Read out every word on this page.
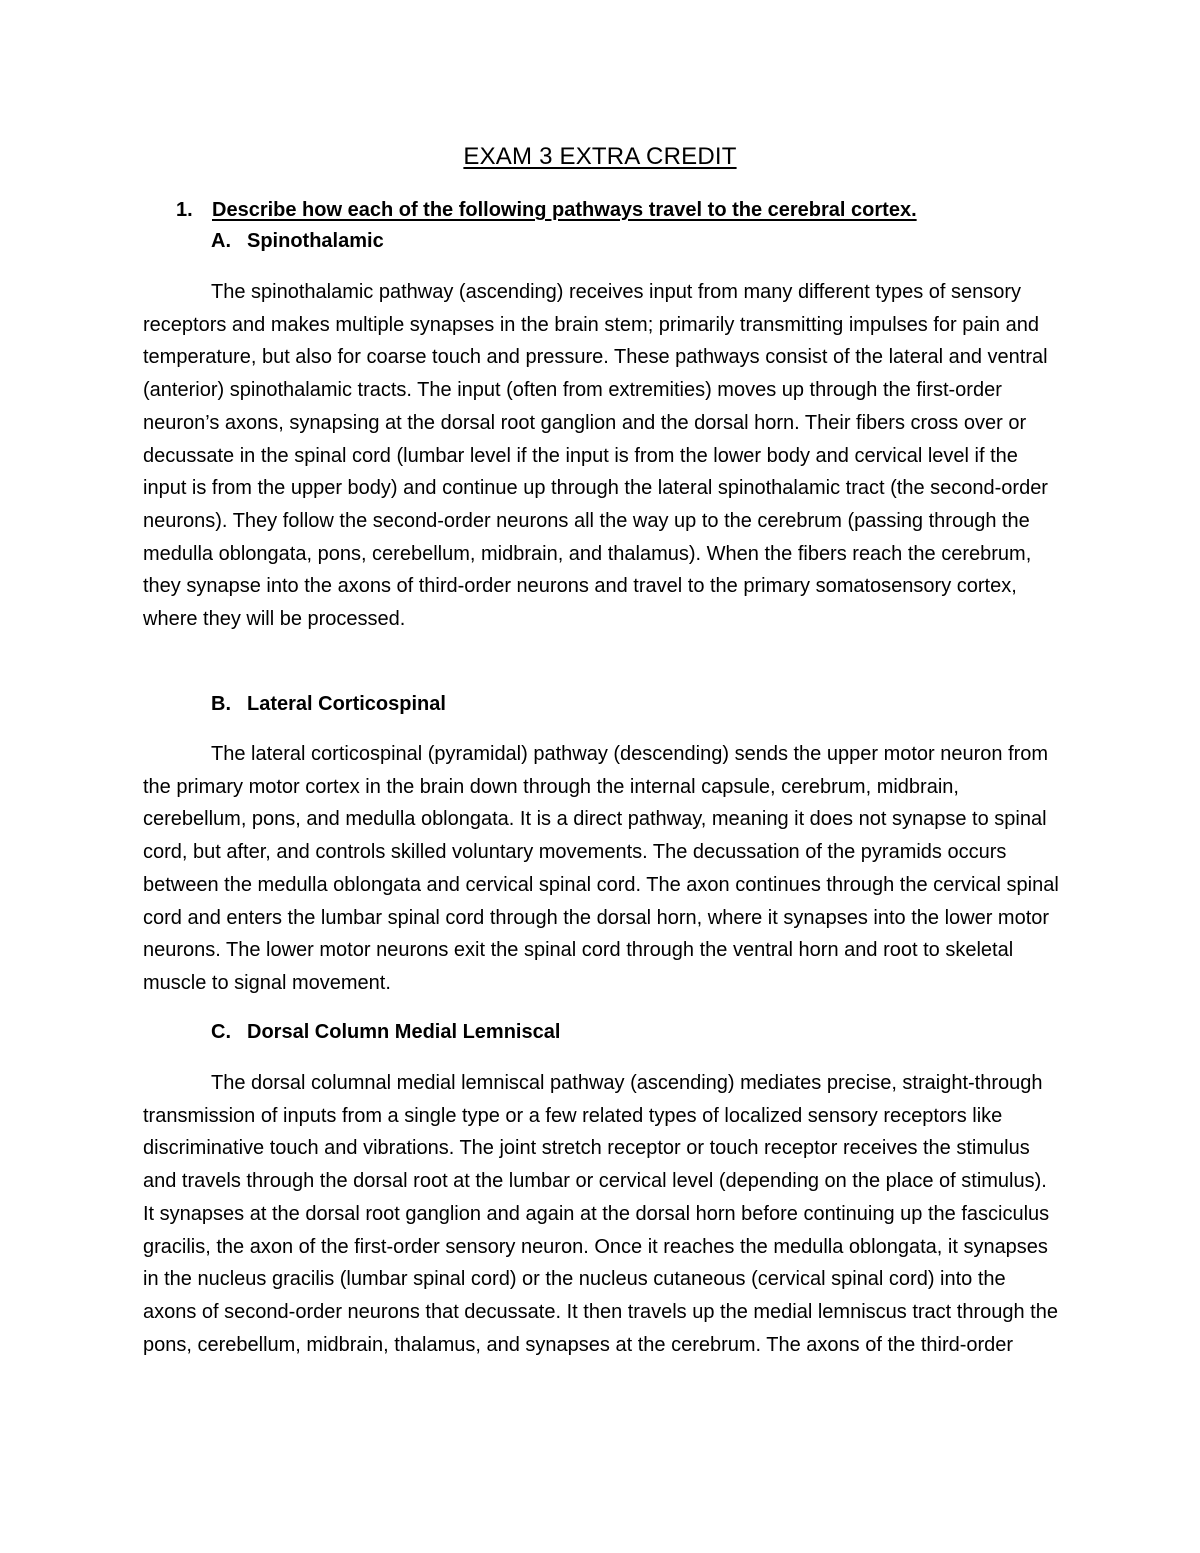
EXAM 3 EXTRA CREDIT

1. Describe how each of the following pathways travel to the cerebral cortex.

A. Spinothalamic

The spinothalamic pathway (ascending) receives input from many different types of sensory receptors and makes multiple synapses in the brain stem; primarily transmitting impulses for pain and temperature, but also for coarse touch and pressure. These pathways consist of the lateral and ventral (anterior) spinothalamic tracts. The input (often from extremities) moves up through the first-order neuron’s axons, synapsing at the dorsal root ganglion and the dorsal horn. Their fibers cross over or decussate in the spinal cord (lumbar level if the input is from the lower body and cervical level if the input is from the upper body) and continue up through the lateral spinothalamic tract (the second-order neurons). They follow the second-order neurons all the way up to the cerebrum (passing through the medulla oblongata, pons, cerebellum, midbrain, and thalamus). When the fibers reach the cerebrum, they synapse into the axons of third-order neurons and travel to the primary somatosensory cortex, where they will be processed.

B. Lateral Corticospinal

The lateral corticospinal (pyramidal) pathway (descending) sends the upper motor neuron from the primary motor cortex in the brain down through the internal capsule, cerebrum, midbrain, cerebellum, pons, and medulla oblongata. It is a direct pathway, meaning it does not synapse to spinal cord, but after, and controls skilled voluntary movements. The decussation of the pyramids occurs between the medulla oblongata and cervical spinal cord. The axon continues through the cervical spinal cord and enters the lumbar spinal cord through the dorsal horn, where it synapses into the lower motor neurons. The lower motor neurons exit the spinal cord through the ventral horn and root to skeletal muscle to signal movement.

C. Dorsal Column Medial Lemniscal

The dorsal columnal medial lemniscal pathway (ascending) mediates precise, straight-through transmission of inputs from a single type or a few related types of localized sensory receptors like discriminative touch and vibrations. The joint stretch receptor or touch receptor receives the stimulus and travels through the dorsal root at the lumbar or cervical level (depending on the place of stimulus). It synapses at the dorsal root ganglion and again at the dorsal horn before continuing up the fasciculus gracilis, the axon of the first-order sensory neuron. Once it reaches the medulla oblongata, it synapses in the nucleus gracilis (lumbar spinal cord) or the nucleus cutaneous (cervical spinal cord) into the axons of second-order neurons that decussate. It then travels up the medial lemniscus tract through the pons, cerebellum, midbrain, thalamus, and synapses at the cerebrum. The axons of the third-order
